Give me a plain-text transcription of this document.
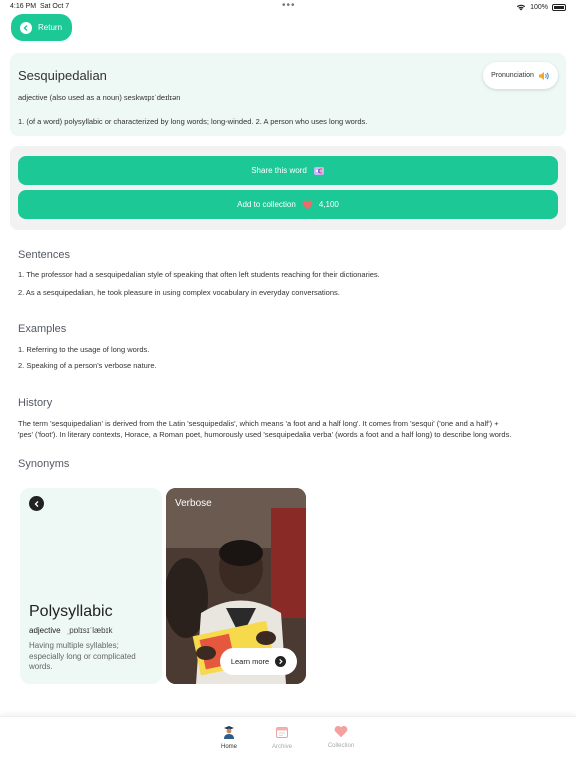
4:16 PM Sat Oct 7	•••	100%
Return
Sesquipedalian
adjective (also used as a noun) seskwɪpɪˈdeɪlɪən
1. (of a word) polysyllabic or characterized by long words; long-winded. 2. A person who uses long words.
Pronunciation
Share this word
Add to collection	4,100
Sentences
1. The professor had a sesquipedalian style of speaking that often left students reaching for their dictionaries.
2. As a sesquipedalian, he took pleasure in using complex vocabulary in everyday conversations.
Examples
1. Referring to the usage of long words.
2. Speaking of a person's verbose nature.
History
The term 'sesquipedalian' is derived from the Latin 'sesquipedalis', which means 'a foot and a half long'. It comes from 'sesqui' ('one and a half') +
'pes' ('foot'). In literary contexts, Horace, a Roman poet, humorously used 'sesquipedalia verba' (words a foot and a half long) to describe long words.
Synonyms
Polysyllabic
adjective ˌpɒlɪsɪˈlæbɪk
Having multiple syllables; especially long or complicated words.
Verbose
Learn more
Home	Archive	Collection
